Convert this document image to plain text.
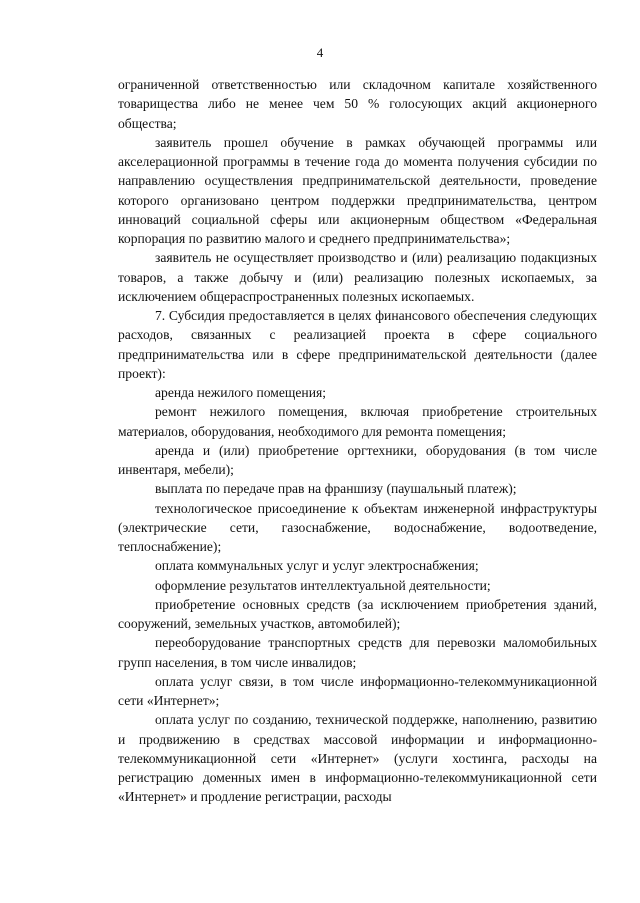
4

ограниченной ответственностью или складочном капитале хозяйственного товарищества либо не менее чем 50 % голосующих акций акционерного общества;

заявитель прошел обучение в рамках обучающей программы или акселерационной программы в течение года до момента получения субсидии по направлению осуществления предпринимательской деятельности, проведение которого организовано центром поддержки предпринимательства, центром инноваций социальной сферы или акционерным обществом «Федеральная корпорация по развитию малого и среднего предпринимательства»;

заявитель не осуществляет производство и (или) реализацию подакцизных товаров, а также добычу и (или) реализацию полезных ископаемых, за исключением общераспространенных полезных ископаемых.

7. Субсидия предоставляется в целях финансового обеспечения следующих расходов, связанных с реализацией проекта в сфере социального предпринимательства или в сфере предпринимательской деятельности (далее проект):

аренда нежилого помещения;

ремонт нежилого помещения, включая приобретение строительных материалов, оборудования, необходимого для ремонта помещения;

аренда и (или) приобретение оргтехники, оборудования (в том числе инвентаря, мебели);

выплата по передаче прав на франшизу (паушальный платеж);

технологическое присоединение к объектам инженерной инфраструктуры (электрические сети, газоснабжение, водоснабжение, водоотведение, теплоснабжение);

оплата коммунальных услуг и услуг электроснабжения;

оформление результатов интеллектуальной деятельности;

приобретение основных средств (за исключением приобретения зданий, сооружений, земельных участков, автомобилей);

переоборудование транспортных средств для перевозки маломобильных групп населения, в том числе инвалидов;

оплата услуг связи, в том числе информационно-телекоммуникационной сети «Интернет»;

оплата услуг по созданию, технической поддержке, наполнению, развитию и продвижению в средствах массовой информации и информационно-телекоммуникационной сети «Интернет» (услуги хостинга, расходы на регистрацию доменных имен в информационно-телекоммуникационной сети «Интернет» и продление регистрации, расходы
